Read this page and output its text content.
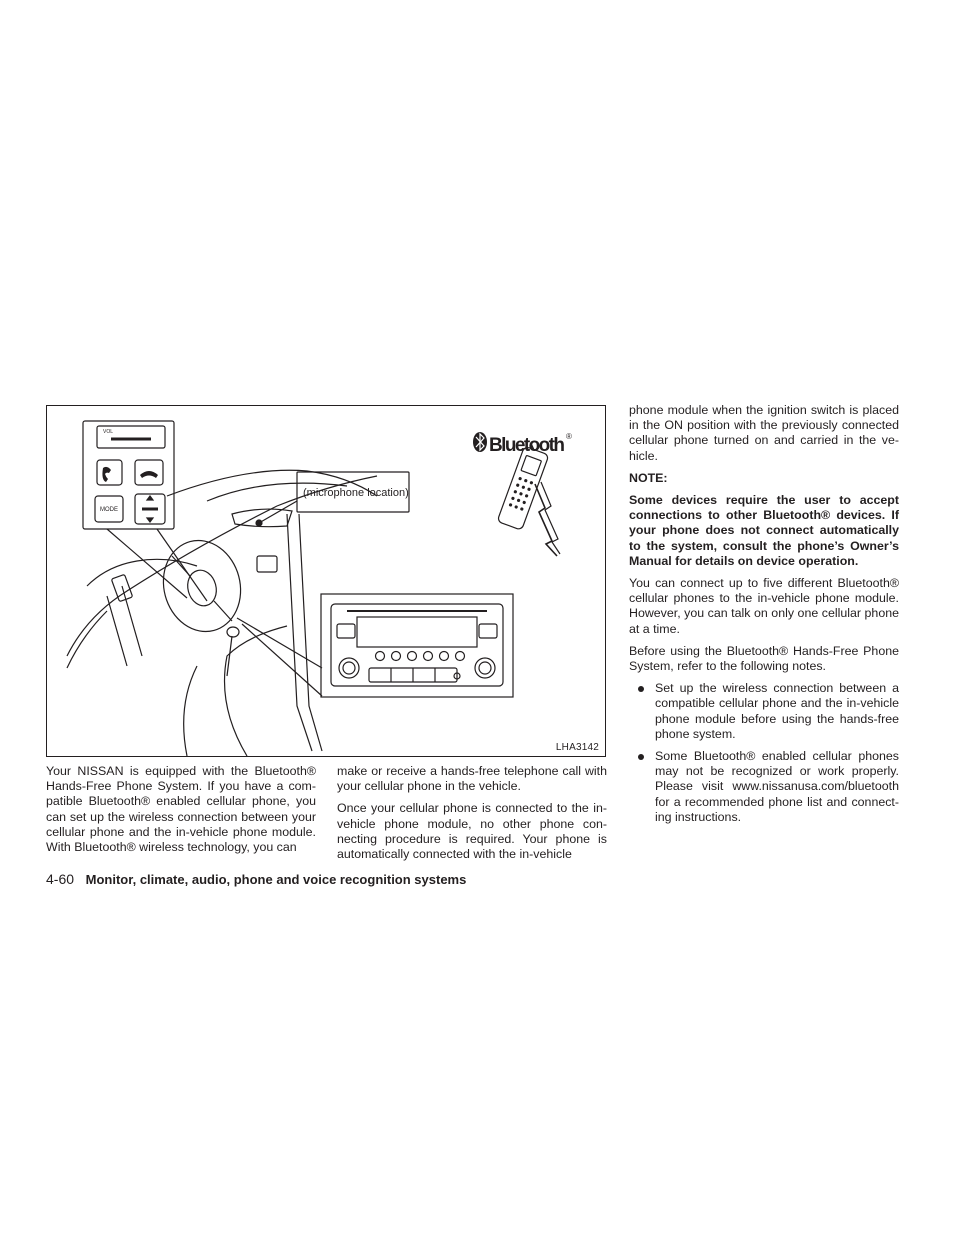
VOL
MODE
(microphone location)
Bluetooth ®
LHA3142

Your NISSAN is equipped with the Bluetooth® Hands-Free Phone System. If you have a com-patible Bluetooth® enabled cellular phone, you can set up the wireless connection between your cellular phone and the in-vehicle phone module. With Bluetooth® wireless technology, you can

make or receive a hands-free telephone call with your cellular phone in the vehicle.

Once your cellular phone is connected to the in-vehicle phone module, no other phone con-necting procedure is required. Your phone is automatically connected with the in-vehicle

phone module when the ignition switch is placed in the ON position with the previously connected cellular phone turned on and carried in the ve-hicle.

NOTE:

Some devices require the user to accept connections to other Bluetooth® devices. If your phone does not connect automatically to the system, consult the phone’s Owner’s Manual for details on device operation.

You can connect up to five different Bluetooth® cellular phones to the in-vehicle phone module. However, you can talk on only one cellular phone at a time.

Before using the Bluetooth® Hands-Free Phone System, refer to the following notes.

Set up the wireless connection between a compatible cellular phone and the in-vehicle phone module before using the hands-free phone system.
Some Bluetooth® enabled cellular phones may not be recognized or work properly. Please visit www.nissanusa.com/bluetooth for a recommended phone list and connect-ing instructions.
4-60 Monitor, climate, audio, phone and voice recognition systems
